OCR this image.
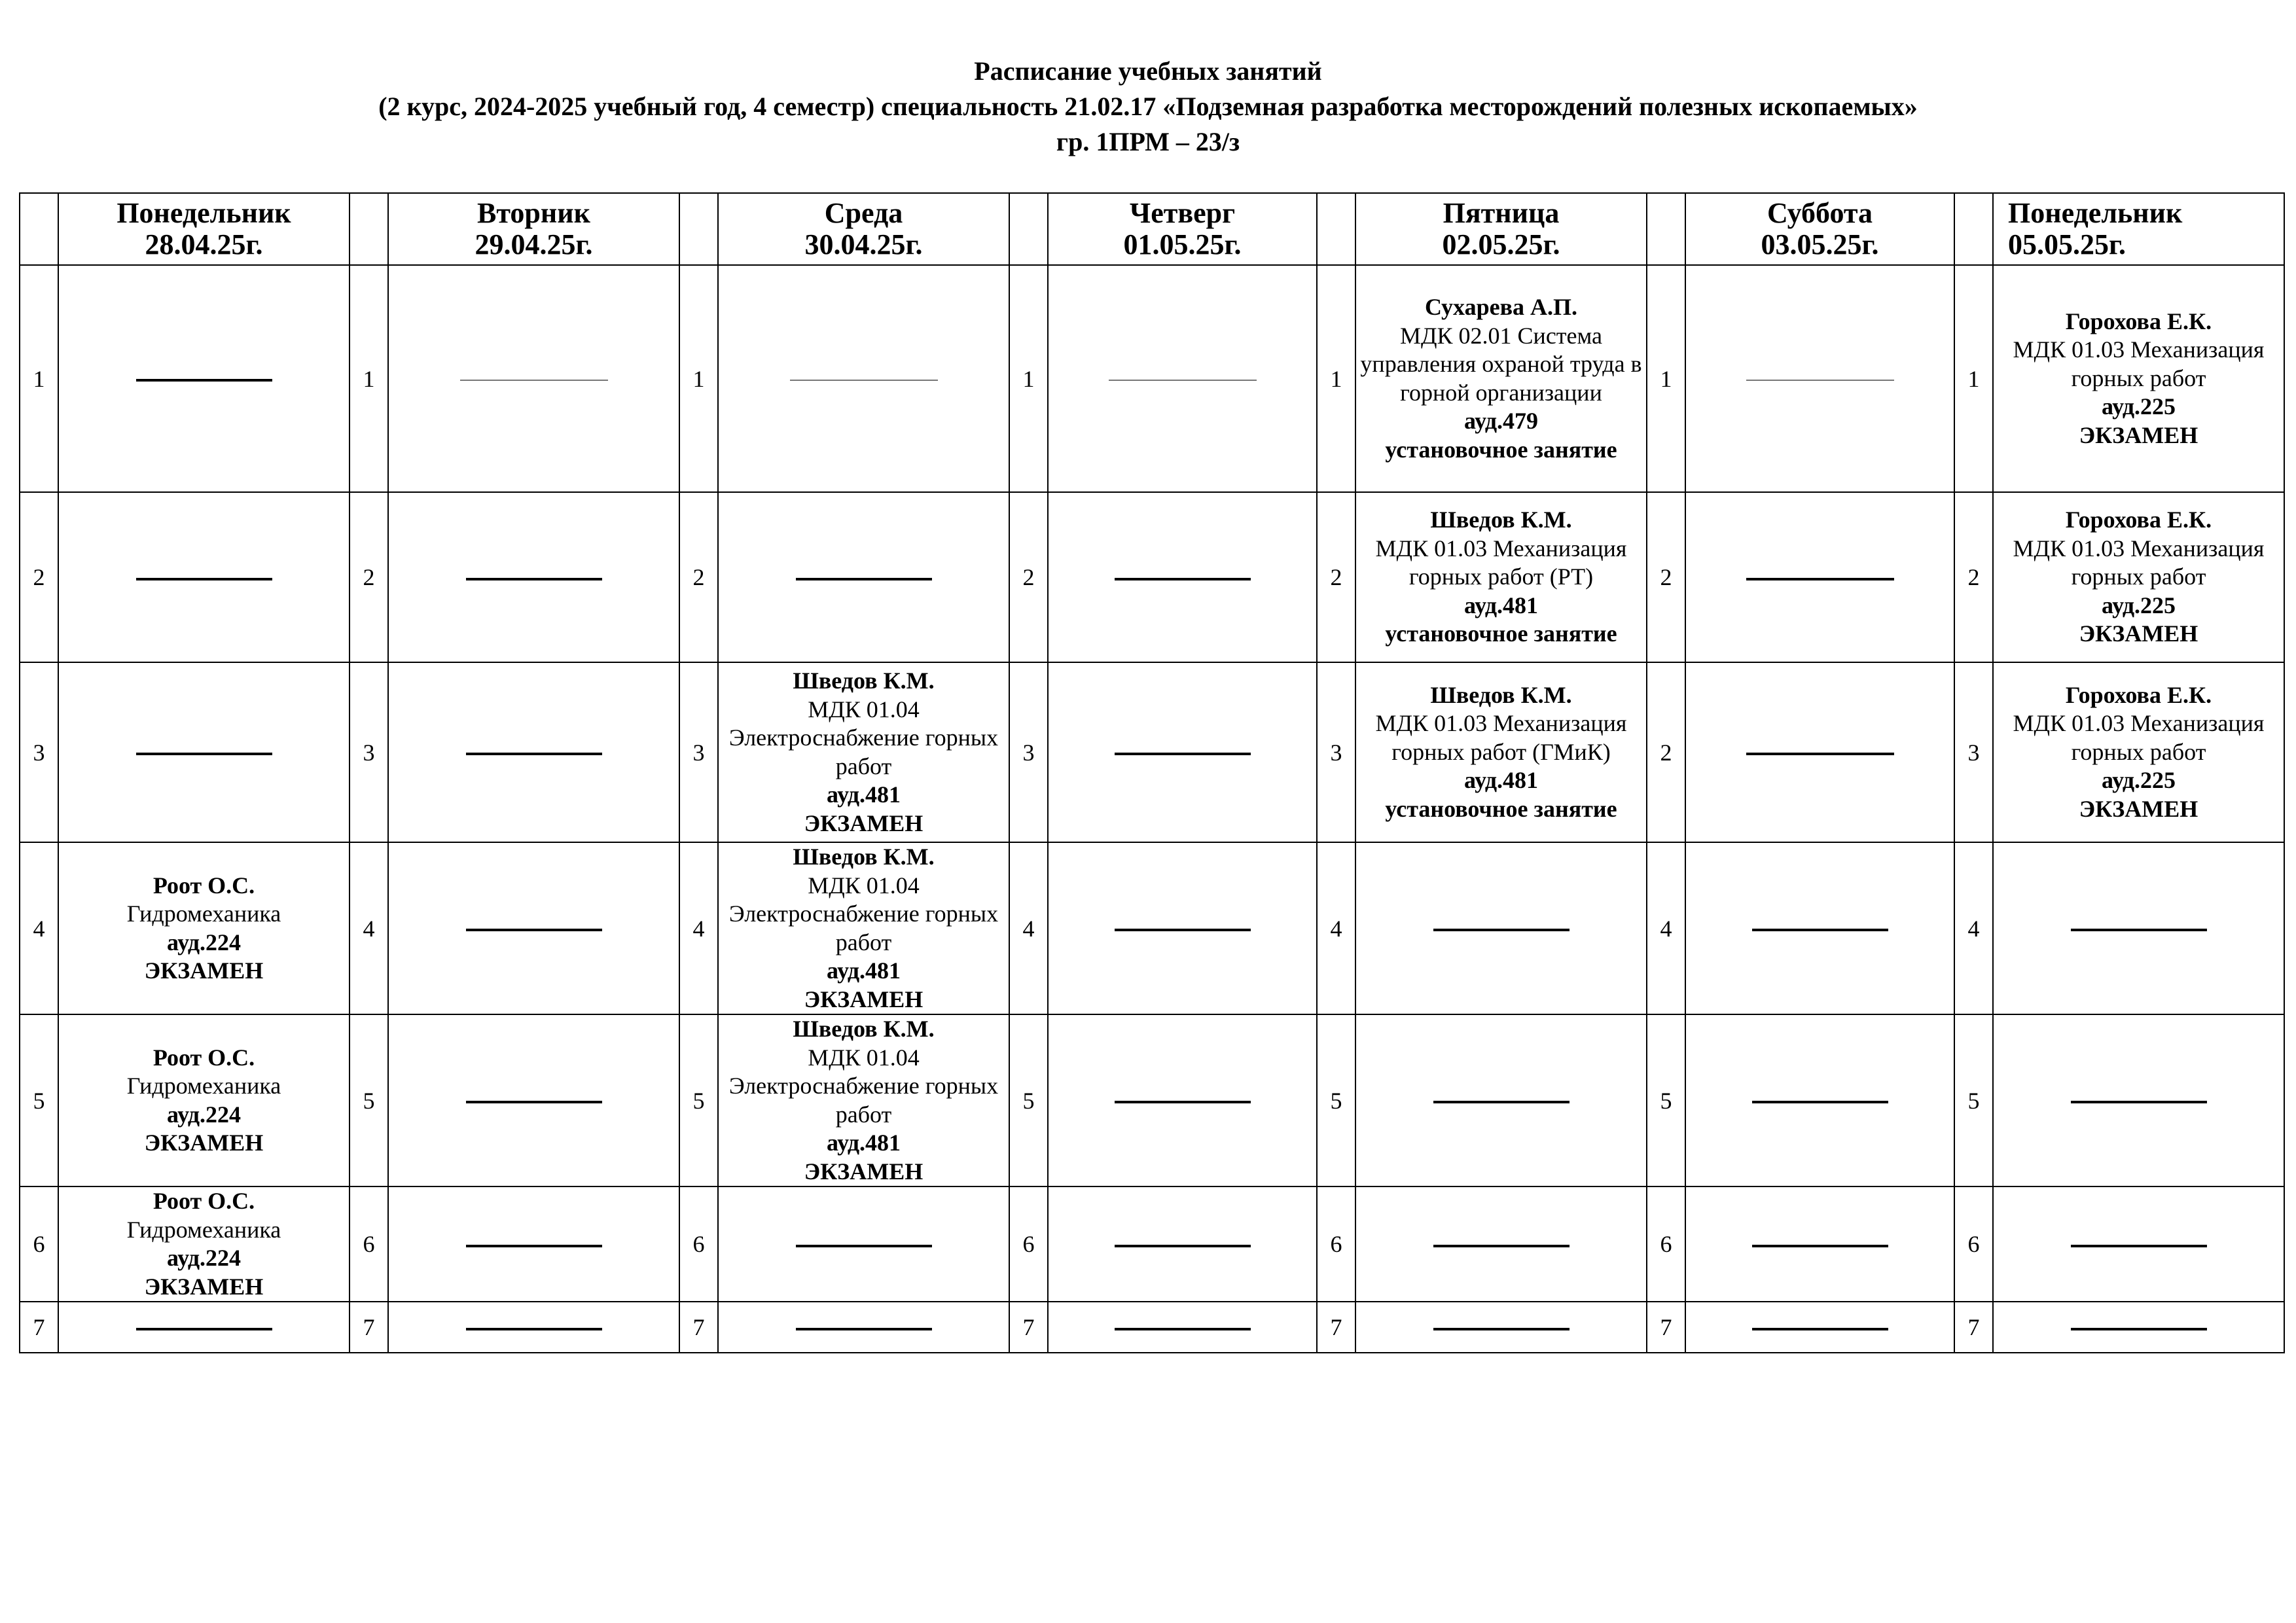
Расписание учебных занятий
(2 курс, 2024-2025 учебный год, 4 семестр) специальность 21.02.17 «Подземная разработка месторождений полезных ископаемых»
гр. 1ПРМ – 23/з
	Понедельник
28.04.25г.		Вторник
29.04.25г.		Среда
30.04.25г.		Четверг
01.05.25г.		Пятница
02.05.25г.		Суббота
03.05.25г.		Понедельник
05.05.25г.
1		1		1		1		1	Сухарева А.П.
МДК 02.01 Система управления охраной труда в горной организации
ауд.479
установочное занятие	1		1	Горохова Е.К.
МДК 01.03 Механизация горных работ
ауд.225
ЭКЗАМЕН

2		2		2		2		2	Шведов К.М.
МДК 01.03 Механизация горных работ (РТ)
ауд.481
установочное занятие	2		2	Горохова Е.К.
МДК 01.03 Механизация горных работ
ауд.225
ЭКЗАМЕН

3		3		3	Шведов К.М.
МДК 01.04 Электроснабжение горных работ
ауд.481
ЭКЗАМЕН	3		3	Шведов К.М.
МДК 01.03 Механизация горных работ (ГМиК)
ауд.481
установочное занятие	2		3	Горохова Е.К.
МДК 01.03 Механизация горных работ
ауд.225
ЭКЗАМЕН

4	Роот О.С.
Гидромеханика
ауд.224
ЭКЗАМЕН	4		4	Шведов К.М.
МДК 01.04 Электроснабжение горных работ
ауд.481
ЭКЗАМЕН	4		4		4		4	
5	Роот О.С.
Гидромеханика
ауд.224
ЭКЗАМЕН	5		5	Шведов К.М.
МДК 01.04 Электроснабжение горных работ
ауд.481
ЭКЗАМЕН	5		5		5		5	
6	Роот О.С.
Гидромеханика
ауд.224
ЭКЗАМЕН	6		6		6		6		6		6	
7		7		7		7		7		7		7	
